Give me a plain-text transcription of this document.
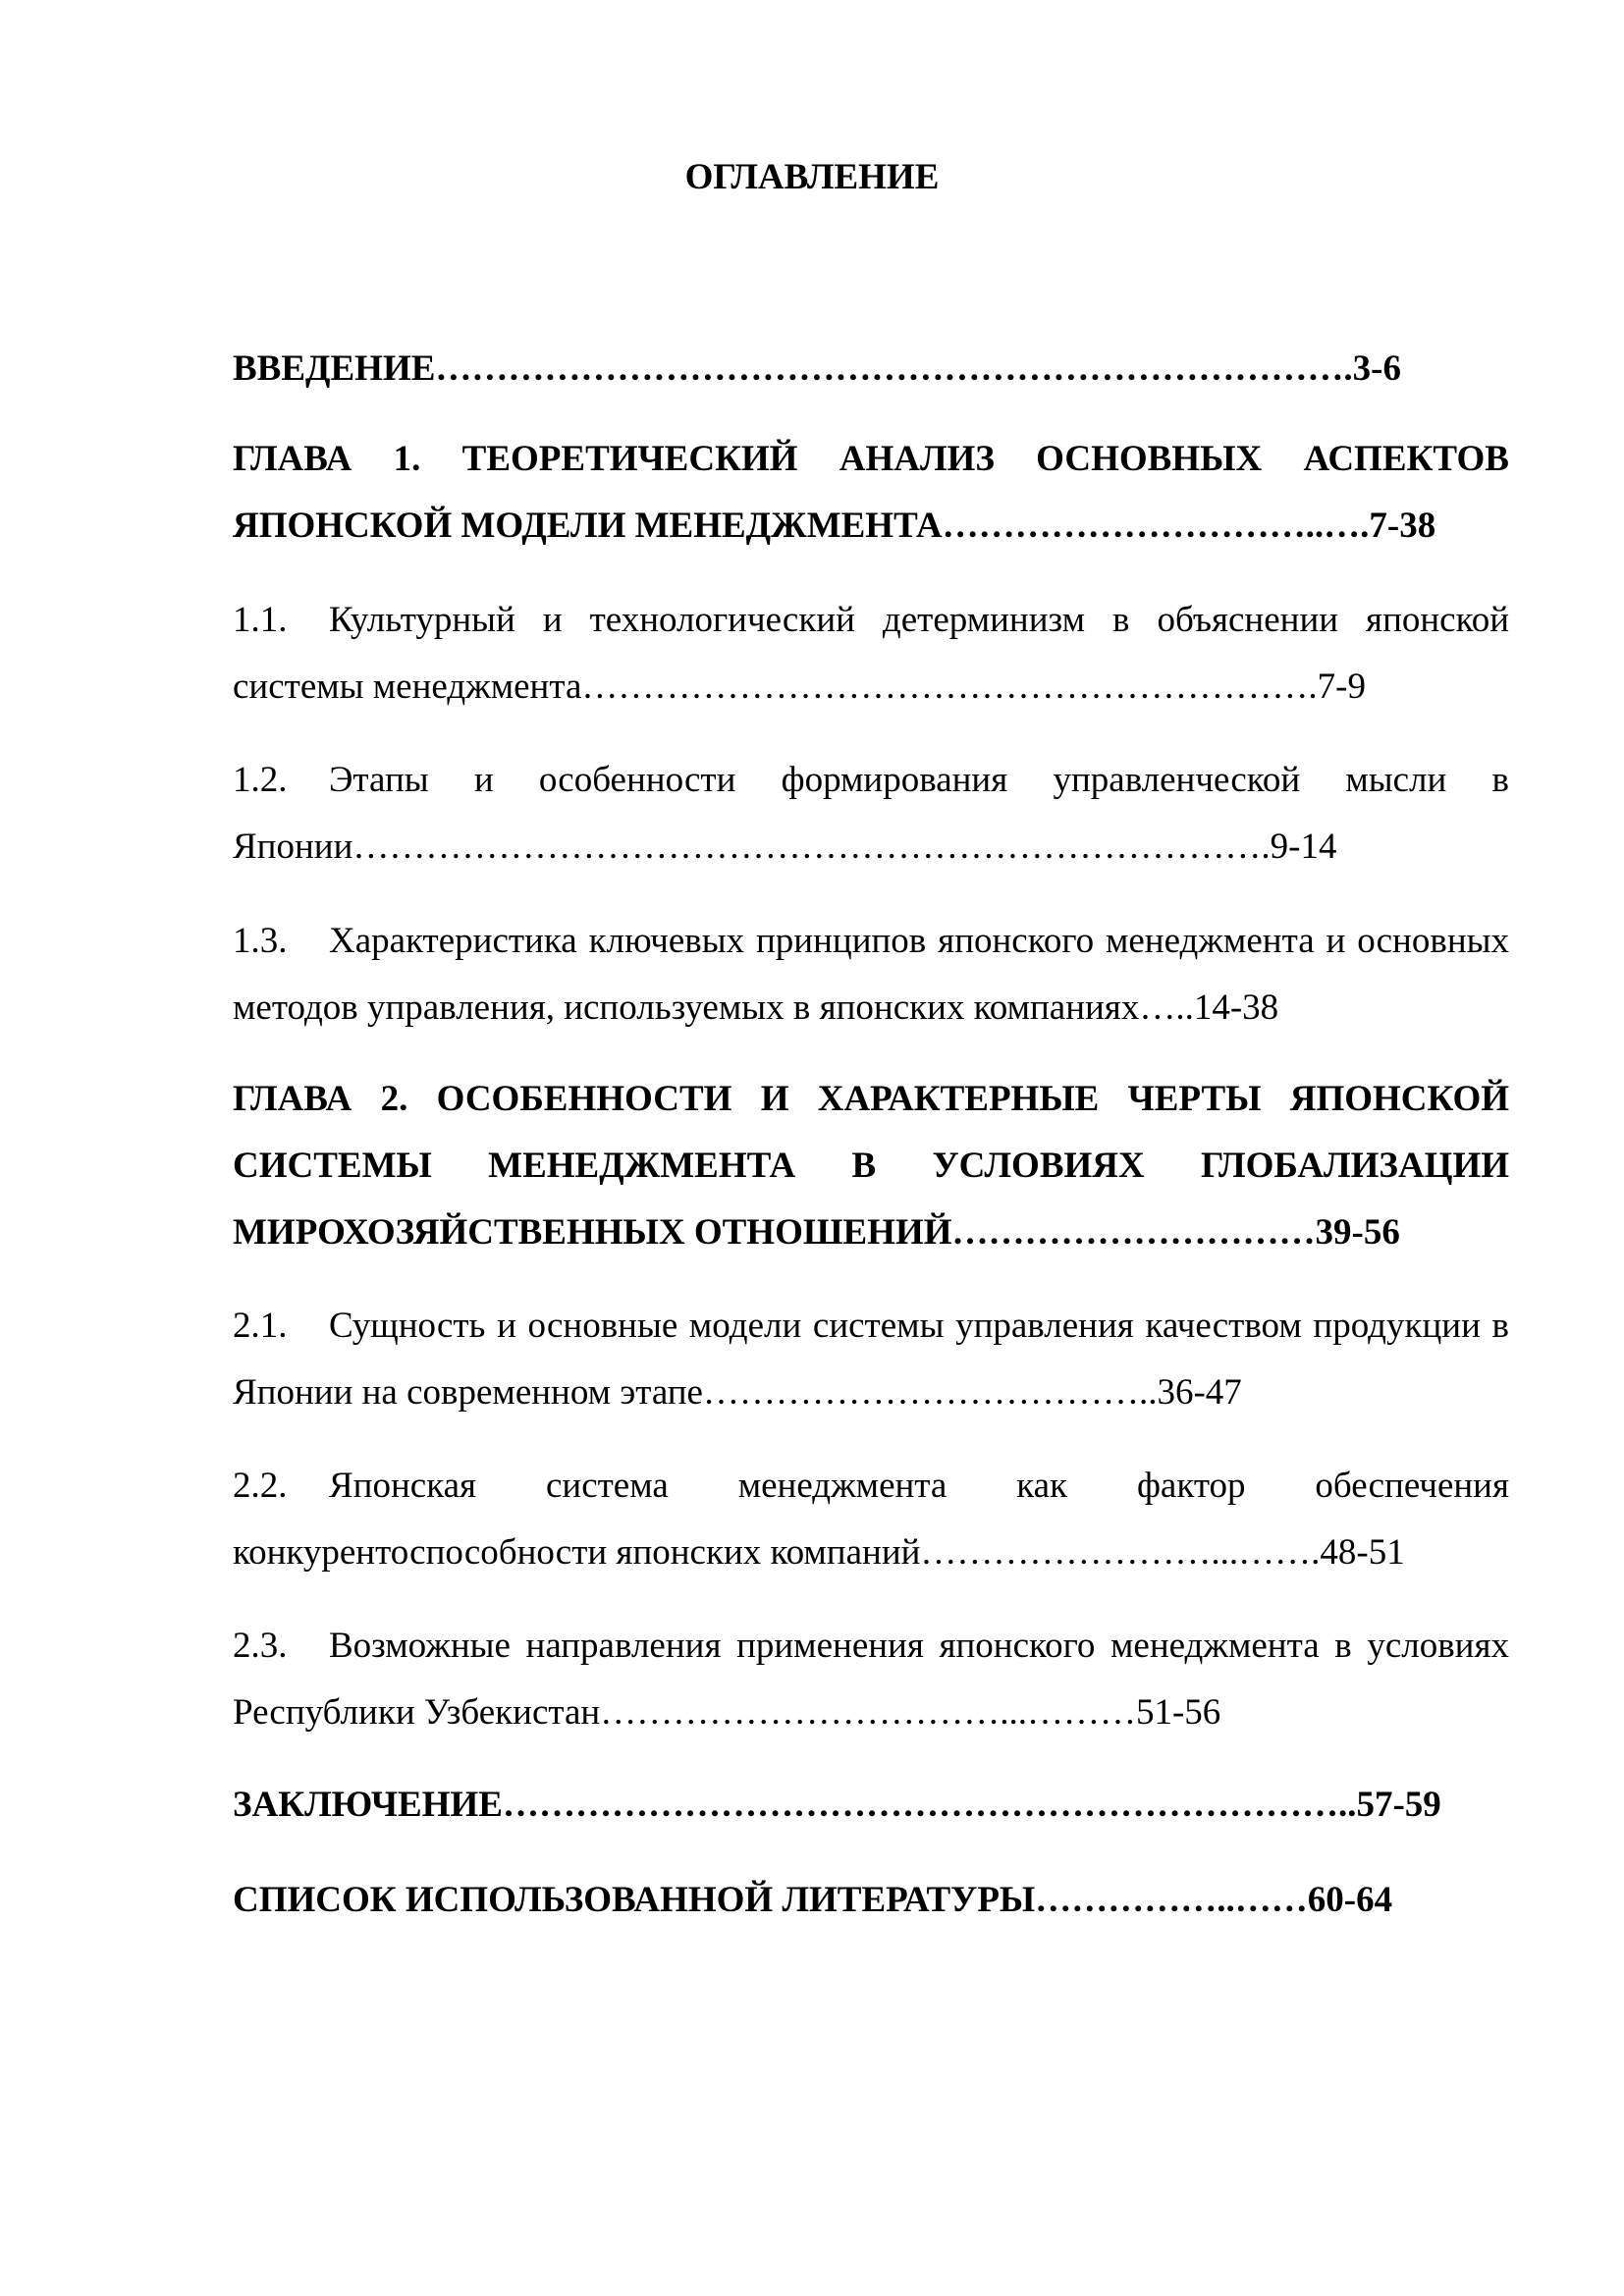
ОГЛАВЛЕНИЕ

ВВЕДЕНИЕ………………………………………………………………….3-6

ГЛАВА 1. ТЕОРЕТИЧЕСКИЙ АНАЛИЗ ОСНОВНЫХ АСПЕКТОВ ЯПОНСКОЙ МОДЕЛИ МЕНЕДЖМЕНТА…………………………..….7-38

1.1. Культурный и технологический детерминизм в объяснении японской системы менеджмента…………………………………………………….7-9

1.2. Этапы и особенности формирования управленческой мысли в Японии………………………………………………………………….9-14

1.3. Характеристика ключевых принципов японского менеджмента и основных методов управления, используемых в японских компаниях…..14-38

ГЛАВА 2. ОСОБЕННОСТИ И ХАРАКТЕРНЫЕ ЧЕРТЫ ЯПОНСКОЙ СИСТЕМЫ МЕНЕДЖМЕНТА В УСЛОВИЯХ ГЛОБАЛИЗАЦИИ МИРОХОЗЯЙСТВЕННЫХ ОТНОШЕНИЙ…………………………39-56

2.1. Сущность и основные модели системы управления качеством продукции в Японии на современном этапе………………………………..36-47

2.2. Японская система менеджмента как фактор обеспечения конкурентоспособности японских компаний……………………...…….48-51

2.3. Возможные направления применения японского менеджмента в условиях Республики Узбекистан……………………………...………51-56

ЗАКЛЮЧЕНИЕ……………………………………………………………..57-59

СПИСОК ИСПОЛЬЗОВАННОЙ ЛИТЕРАТУРЫ……………..……60-64
